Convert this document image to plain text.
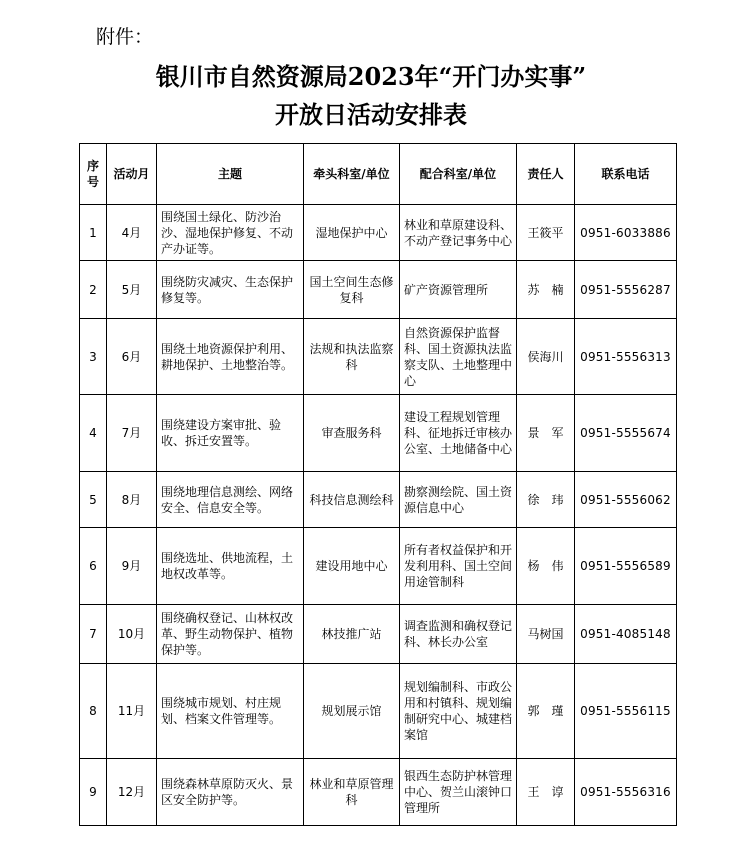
附件：
银川市自然资源局2023年“开门办实事”
开放日活动安排表
序号	活动月	主题	牵头科室/单位	配合科室/单位	责任人	联系电话
1	4月	围绕国土绿化、防沙治沙、湿地保护修复、不动产办证等。	湿地保护中心	林业和草原建设科、不动产登记事务中心	王筱平	0951-6033886
2	5月	围绕防灾减灾、生态保护修复等。	国土空间生态修复科	矿产资源管理所	苏　楠	0951-5556287
3	6月	围绕土地资源保护利用、耕地保护、土地整治等。	法规和执法监察科	自然资源保护监督科、国土资源执法监察支队、土地整理中心	侯海川	0951-5556313
4	7月	围绕建设方案审批、验收、拆迁安置等。	审查服务科	建设工程规划管理科、征地拆迁审核办公室、土地储备中心	景　军	0951-5555674
5	8月	围绕地理信息测绘、网络安全、信息安全等。	科技信息测绘科	勘察测绘院、国土资源信息中心	徐　玮	0951-5556062
6	9月	围绕选址、供地流程，土地权改革等。	建设用地中心	所有者权益保护和开发利用科、国土空间用途管制科	杨　伟	0951-5556589
7	10月	围绕确权登记、山林权改革、野生动物保护、植物保护等。	林技推广站	调查监测和确权登记科、林长办公室	马树国	0951-4085148
8	11月	围绕城市规划、村庄规划、档案文件管理等。	规划展示馆	规划编制科、市政公用和村镇科、规划编制研究中心、城建档案馆	郭　瑾	0951-5556115
9	12月	围绕森林草原防灭火、景区安全防护等。	林业和草原管理科	银西生态防护林管理中心、贺兰山滚钟口管理所	王　谆	0951-5556316
